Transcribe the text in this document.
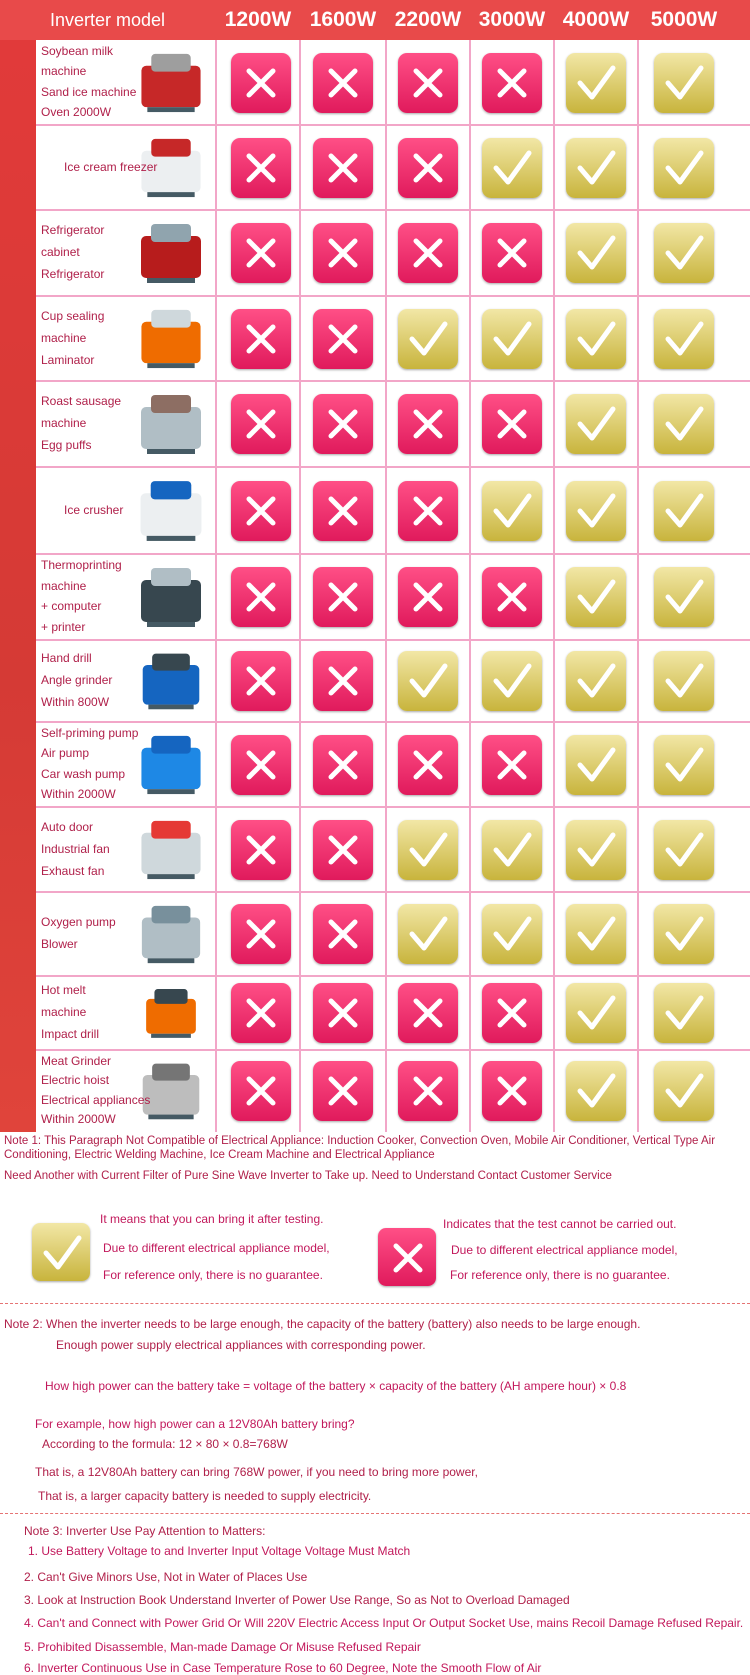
Inverter model	1200W 1600W 2200W 3000W 4000W	5000W
Soybean milk
machine
Sand ice machine
Oven 2000W
Ice cream freezer
Refrigerator
cabinet
Refrigerator
Cup sealing
machine
Laminator
Roast sausage
machine
Egg puffs
Ice crusher
Thermoprinting
machine
+ computer
+ printer
Hand drill
Angle grinder
Within 800W
Self-priming pump
Air pump
Car wash pump
Within 2000W
Auto door
Industrial fan
Exhaust fan
Oxygen pump
Blower
Hot melt
machine
Impact drill
Meat Grinder
Electric hoist
Electrical appliances
Within 2000W
Note 1: This Paragraph Not Compatible of Electrical Appliance: Induction Cooker, Convection Oven, Mobile Air Conditioner, Vertical Type Air
Conditioning, Electric Welding Machine, Ice Cream Machine and Electrical Appliance
Need Another with Current Filter of Pure Sine Wave Inverter to Take up. Need to Understand Contact Customer Service
It means that you can bring it after testing.
Due to different electrical appliance model,
For reference only, there is no guarantee.
Indicates that the test cannot be carried out.
Due to different electrical appliance model,
For reference only, there is no guarantee.
Note 2: When the inverter needs to be large enough, the capacity of the battery (battery) also needs to be large enough.
Enough power supply electrical appliances with corresponding power.
How high power can the battery take = voltage of the battery × capacity of the battery (AH ampere hour) × 0.8
For example, how high power can a 12V80Ah battery bring?
According to the formula: 12 × 80 × 0.8=768W
That is, a 12V80Ah battery can bring 768W power, if you need to bring more power,
That is, a larger capacity battery is needed to supply electricity.
Note 3: Inverter Use Pay Attention to Matters:
1. Use Battery Voltage to and Inverter Input Voltage Voltage Must Match
2. Can't Give Minors Use, Not in Water of Places Use
3. Look at Instruction Book Understand Inverter of Power Use Range, So as Not to Overload Damaged
4. Can't and Connect with Power Grid Or Will 220V Electric Access Input Or Output Socket Use, mains Recoil Damage Refused Repair.
5. Prohibited Disassemble, Man-made Damage Or Misuse Refused Repair
6. Inverter Continuous Use in Case Temperature Rose to 60 Degree, Note the Smooth Flow of Air
